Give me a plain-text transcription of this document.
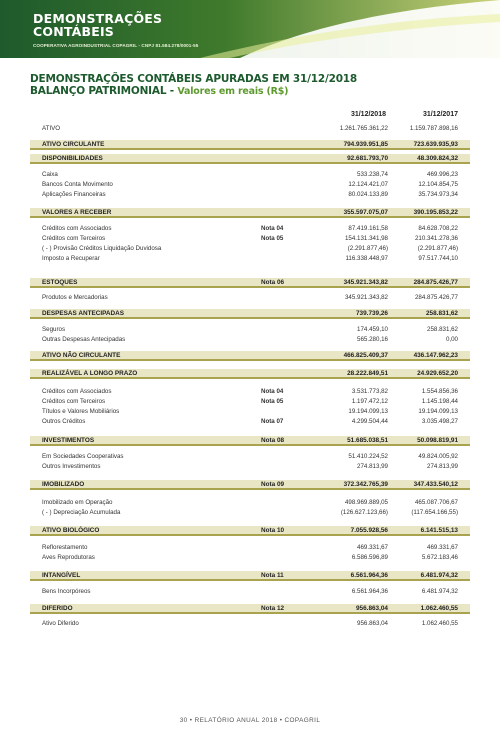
DEMONSTRAÇÕES
CONTÁBEIS
COOPERATIVA AGROINDUSTRIAL COPAGRIL - CNPJ 81.584.278/0001-55
DEMONSTRAÇÕES CONTÁBEIS APURADAS EM 31/12/2018
BALANÇO PATRIMONIAL - Valores em reais (R$)
31/12/2018	31/12/2017
ATIVO	1.261.765.361,22	1.159.787.898,16
ATIVO CIRCULANTE	794.939.951,85	723.639.935,93
DISPONIBILIDADES	92.681.793,70	48.309.824,32
Caixa	533.238,74	469.996,23
Bancos Conta Movimento	12.124.421,07	12.104.854,75
Aplicações Financeiras	80.024.133,89	35.734.973,34
VALORES A RECEBER	355.597.075,07	390.195.853,22
Créditos com Associados	Nota 04	87.419.161,58	84.628.708,22
Créditos com Terceiros	Nota 05	154.131.341,98	210.341.278,36
( - ) Provisão Créditos Liquidação Duvidosa	(2.291.877,46)	(2.291.877,46)
Imposto a Recuperar	116.338.448,97	97.517.744,10
ESTOQUES	Nota 06	345.921.343,82	284.875.426,77
Produtos e Mercadorias	345.921.343,82	284.875.426,77
DESPESAS ANTECIPADAS	739.739,26	258.831,62
Seguros	174.459,10	258.831,62
Outras Despesas Antecipadas	565.280,16	0,00
ATIVO NÃO CIRCULANTE	466.825.409,37	436.147.962,23
REALIZÁVEL A LONGO PRAZO	28.222.849,51	24.929.652,20
Créditos com Associados	Nota 04	3.531.773,82	1.554.856,36
Créditos com Terceiros	Nota 05	1.197.472,12	1.145.198,44
Títulos e Valores Mobiliários	19.194.099,13	19.194.099,13
Outros Créditos	Nota 07	4.299.504,44	3.035.498,27
INVESTIMENTOS	Nota 08	51.685.038,51	50.098.819,91
Em Sociedades Cooperativas	51.410.224,52	49.824.005,92
Outros Investimentos	274.813,99	274.813,99
IMOBILIZADO	Nota 09	372.342.765,39	347.433.540,12
Imobilizado em Operação	498.969.889,05	465.087.706,67
( - ) Depreciação Acumulada	(126.627.123,66)	(117.654.166,55)
ATIVO BIOLÓGICO	Nota 10	7.055.928,56	6.141.515,13
Reflorestamento	469.331,67	469.331,67
Aves Reprodutoras	6.586.596,89	5.672.183,46
INTANGÍVEL	Nota 11	6.561.964,36	6.481.974,32
Bens Incorpóreos	6.561.964,36	6.481.974,32
DIFERIDO	Nota 12	956.863,04	1.062.460,55
Ativo Diferido	956.863,04	1.062.460,55
30 • RELATÓRIO ANUAL 2018 • COPAGRIL
